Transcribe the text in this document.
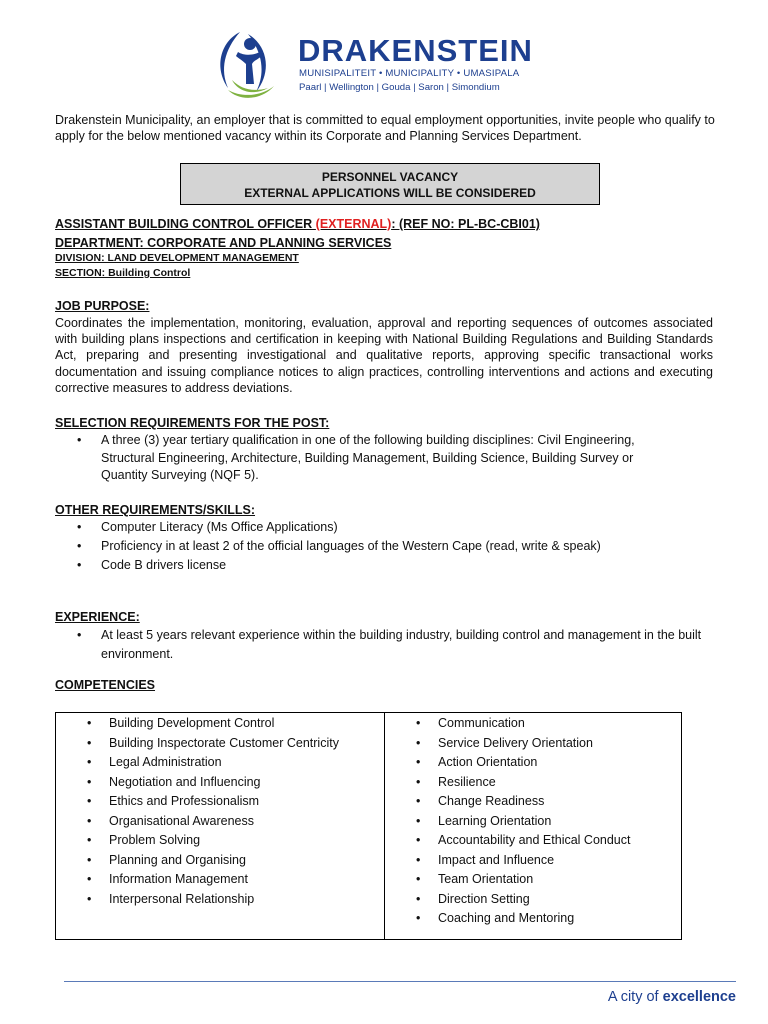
DRAKENSTEIN
MUNISIPALITEIT • MUNICIPALITY • UMASIPALA
Paarl | Wellington | Gouda | Saron | Simondium
Drakenstein Municipality, an employer that is committed to equal employment opportunities, invite people who qualify to apply for the below mentioned vacancy within its Corporate and Planning Services Department.
PERSONNEL VACANCY
EXTERNAL APPLICATIONS WILL BE CONSIDERED
ASSISTANT BUILDING CONTROL OFFICER (EXTERNAL): (REF NO: PL-BC-CBI01)
DEPARTMENT: CORPORATE AND PLANNING SERVICES
DIVISION: LAND DEVELOPMENT MANAGEMENT
SECTION: Building Control
JOB PURPOSE:
Coordinates the implementation, monitoring, evaluation, approval and reporting sequences of outcomes associated with building plans inspections and certification in keeping with National Building Regulations and Building Standards Act, preparing and presenting investigational and qualitative reports, approving specific transactional works documentation and issuing compliance notices to align practices, controlling interventions and actions and executing corrective measures to address deviations.
SELECTION REQUIREMENTS FOR THE POST:
• A three (3) year tertiary qualification in one of the following building disciplines: Civil Engineering, Structural Engineering, Architecture, Building Management, Building Science, Building Survey or Quantity Surveying (NQF 5).
OTHER REQUIREMENTS/SKILLS:
• Computer Literacy (Ms Office Applications)
• Proficiency in at least 2 of the official languages of the Western Cape (read, write & speak)
• Code B drivers license
EXPERIENCE:
• At least 5 years relevant experience within the building industry, building control and management in the built environment.
COMPETENCIES
• Building Development Control
• Building Inspectorate Customer Centricity
• Legal Administration
• Negotiation and Influencing
• Ethics and Professionalism
• Organisational Awareness
• Problem Solving
• Planning and Organising
• Information Management
• Interpersonal Relationship
• Communication
• Service Delivery Orientation
• Action Orientation
• Resilience
• Change Readiness
• Learning Orientation
• Accountability and Ethical Conduct
• Impact and Influence
• Team Orientation
• Direction Setting
• Coaching and Mentoring
A city of excellence
